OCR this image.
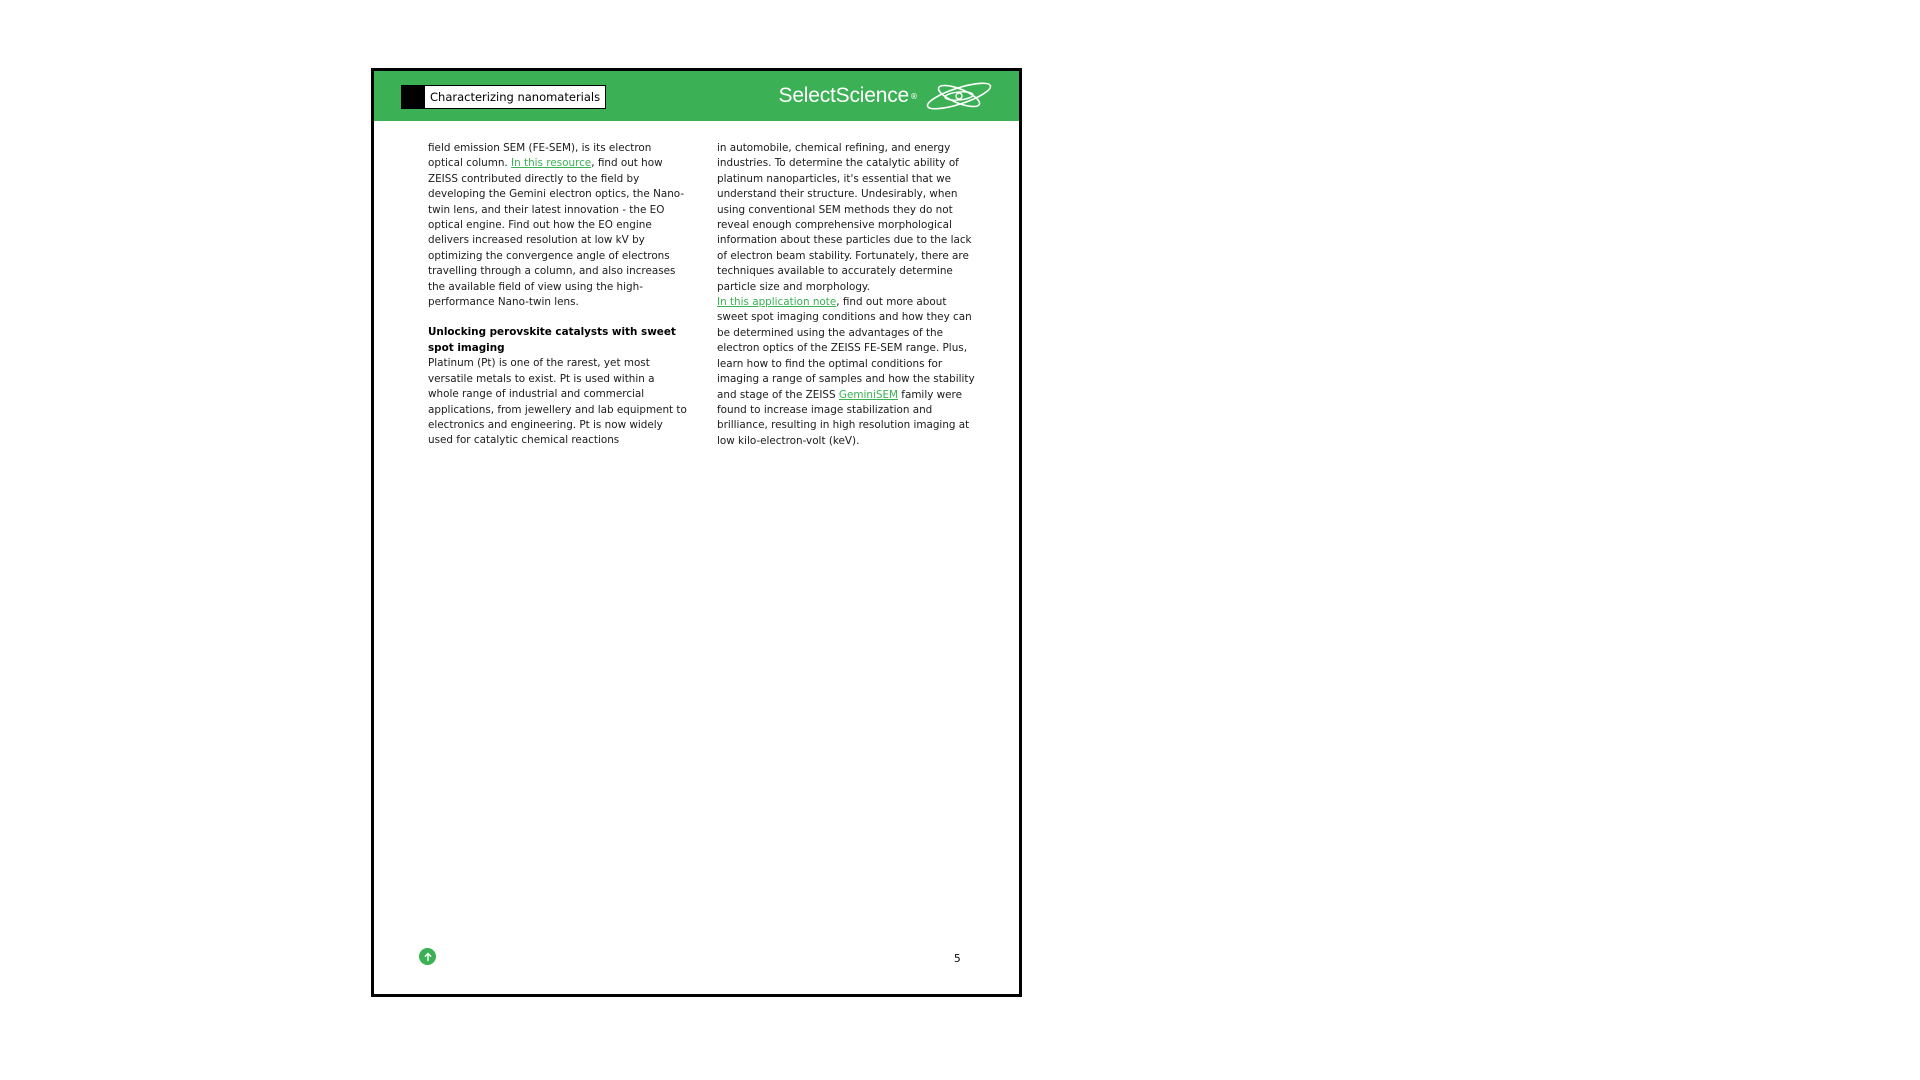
Characterizing nanomaterials	SelectScience ®

field emission SEM (FE-SEM), is its electron optical column. In this resource, find out how ZEISS contributed directly to the field by developing the Gemini electron optics, the Nano-twin lens, and their latest innovation - the EO optical engine. Find out how the EO engine delivers increased resolution at low kV by optimizing the convergence angle of electrons travelling through a column, and also increases the available field of view using the high-performance Nano-twin lens.

Unlocking perovskite catalysts with sweet spot imaging

Platinum (Pt) is one of the rarest, yet most versatile metals to exist. Pt is used within a whole range of industrial and commercial applications, from jewellery and lab equipment to electronics and engineering. Pt is now widely used for catalytic chemical reactions

in automobile, chemical refining, and energy industries. To determine the catalytic ability of platinum nanoparticles, it's essential that we understand their structure. Undesirably, when using conventional SEM methods they do not reveal enough comprehensive morphological information about these particles due to the lack of electron beam stability. Fortunately, there are techniques available to accurately determine particle size and morphology.

In this application note, find out more about sweet spot imaging conditions and how they can be determined using the advantages of the electron optics of the ZEISS FE-SEM range. Plus, learn how to find the optimal conditions for imaging a range of samples and how the stability and stage of the ZEISS GeminiSEM family were found to increase image stabilization and brilliance, resulting in high resolution imaging at low kilo-electron-volt (keV).

5
